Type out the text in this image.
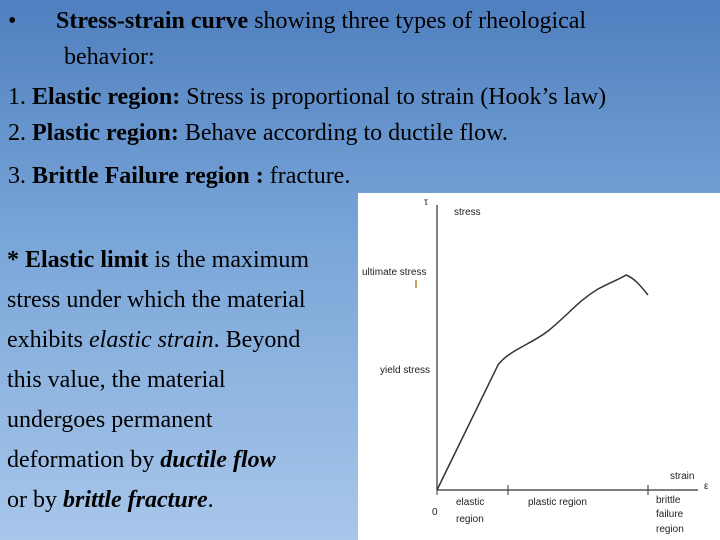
• Stress-strain curve showing three types of rheological
behavior:
1. Elastic region: Stress is proportional to strain (Hook’s law)
2. Plastic region: Behave according to ductile flow.
3. Brittle Failure region : fracture.
* Elastic limit is the maximum
stress under which the material
exhibits elastic strain. Beyond
this value, the material
undergoes permanent
deformation by ductile flow
or by brittle fracture.
τ
stress
ultimate stress
yield stress
strain
ε
0
elastic
region
plastic region	brittle
failure
region
